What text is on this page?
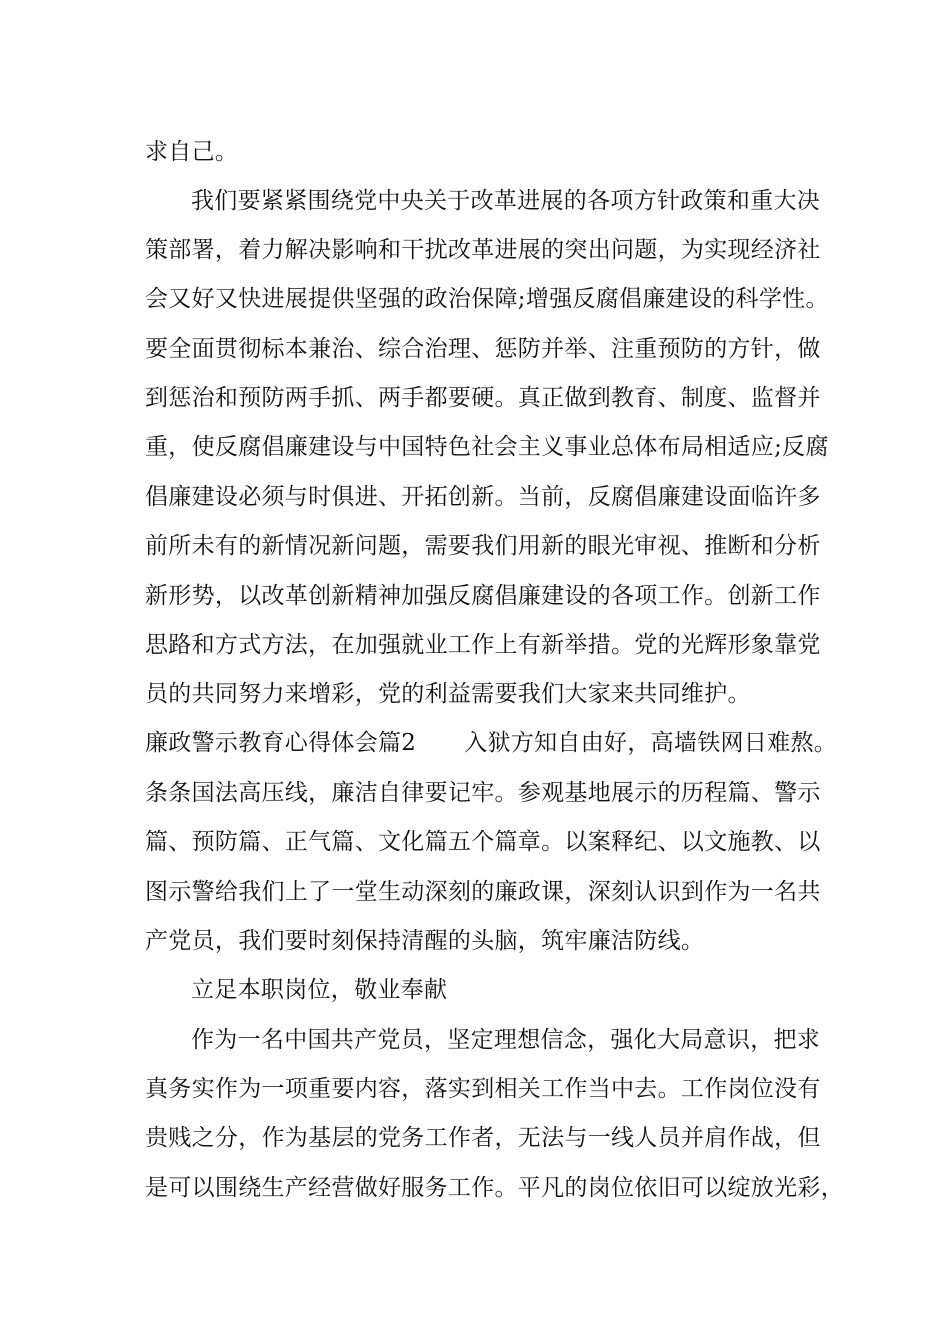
求自己。
我们要紧紧围绕党中央关于改革进展的各项方针政策和重大决
策部署，着力解决影响和干扰改革进展的突出问题，为实现经济社
会又好又快进展提供坚强的政治保障;增强反腐倡廉建设的科学性。
要全面贯彻标本兼治、综合治理、惩防并举、注重预防的方针，做
到惩治和预防两手抓、两手都要硬。真正做到教育、制度、监督并
重，使反腐倡廉建设与中国特色社会主义事业总体布局相适应;反腐
倡廉建设必须与时俱进、开拓创新。当前，反腐倡廉建设面临许多
前所未有的新情况新问题，需要我们用新的眼光审视、推断和分析
新形势，以改革创新精神加强反腐倡廉建设的各项工作。创新工作
思路和方式方法，在加强就业工作上有新举措。党的光辉形象靠党
员的共同努力来增彩，党的利益需要我们大家来共同维护。
廉政警示教育心得体会篇2 入狱方知自由好，高墙铁网日难熬。
条条国法高压线，廉洁自律要记牢。参观基地展示的历程篇、警示
篇、预防篇、正气篇、文化篇五个篇章。以案释纪、以文施教、以
图示警给我们上了一堂生动深刻的廉政课，深刻认识到作为一名共
产党员，我们要时刻保持清醒的头脑，筑牢廉洁防线。
立足本职岗位，敬业奉献
作为一名中国共产党员，坚定理想信念，强化大局意识，把求
真务实作为一项重要内容，落实到相关工作当中去。工作岗位没有
贵贱之分，作为基层的党务工作者，无法与一线人员并肩作战，但
是可以围绕生产经营做好服务工作。平凡的岗位依旧可以绽放光彩，
